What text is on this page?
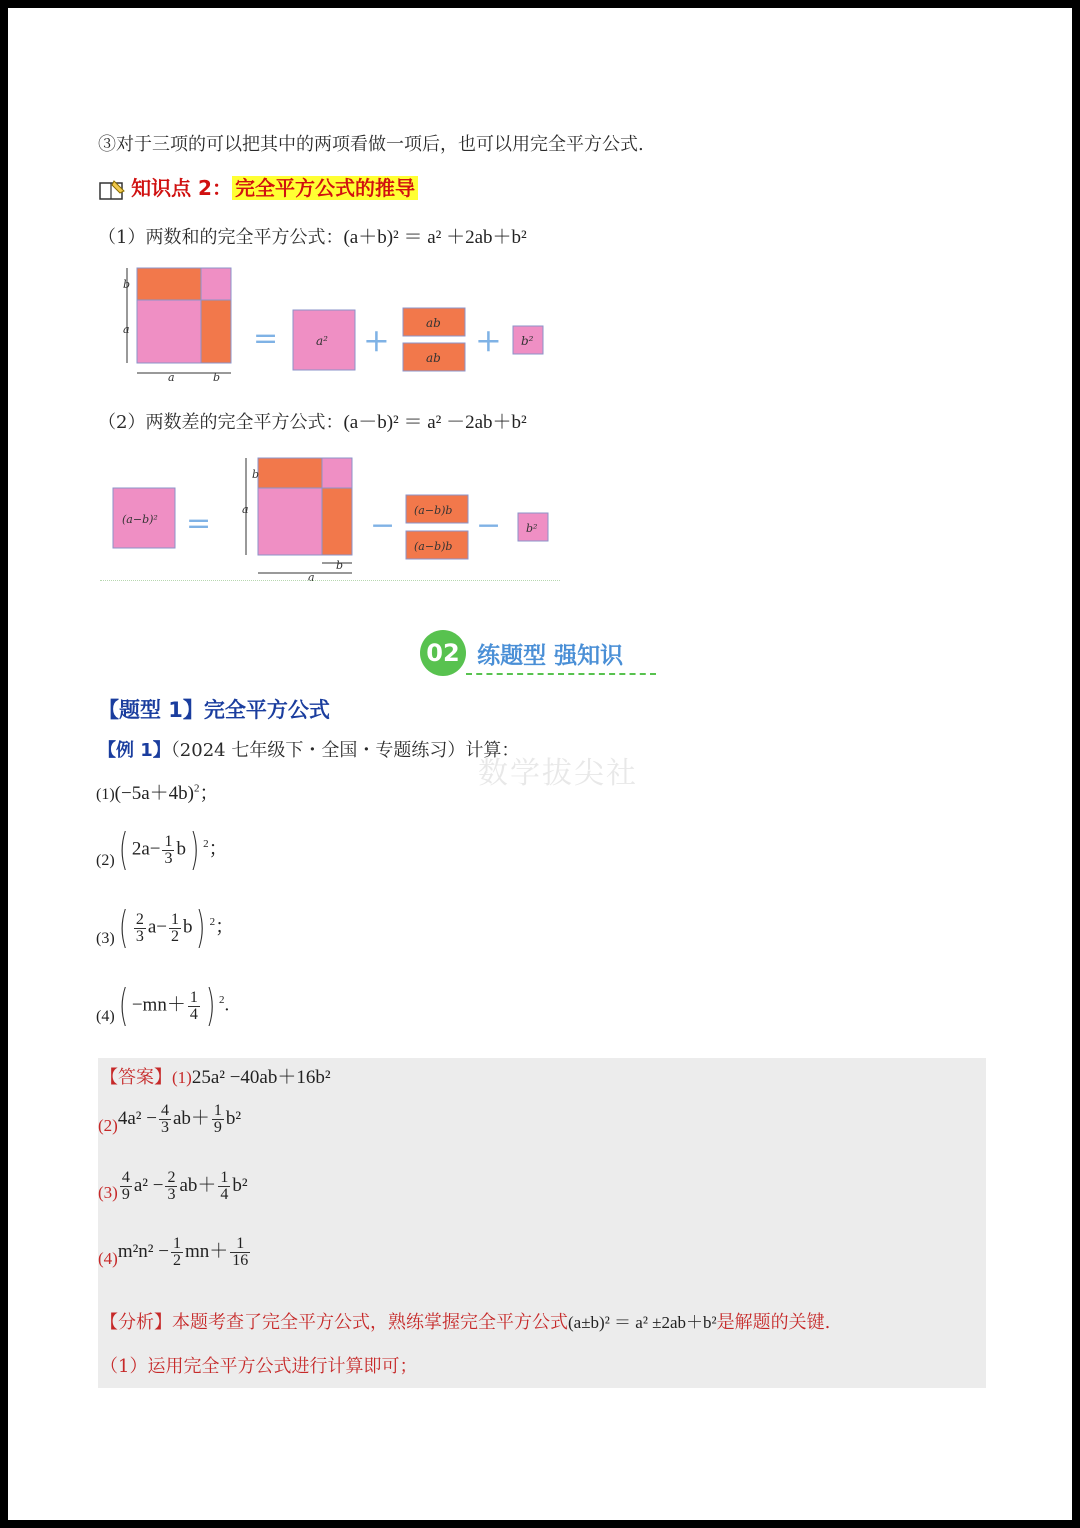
③对于三项的可以把其中的两项看做一项后，也可以用完全平方公式.
知识点 2： 完全平方公式的推导
（1）两数和的完全平方公式：(a＋b)² ＝ a² ＋2ab＋b²
a
b
a	b
=	a² +	ab
ab + b²
（2）两数差的完全平方公式：(a－b)² ＝ a² －2ab＋b²
(a−b)² =	a
b
a
b
− (a−b)b
(a−b)b
− b²
02 练题型 强知识
【题型 1】完全平方公式
【例 1】（2024 七年级下・全国・专题练习）计算：
数学拔尖社
$(1)(-5a+4b)^2$；
(2)( $2a- \frac{1}{3} b$) $^2$；
$(3)( \frac{2}{3} a- \frac{1}{2} b)$ $^2$；
$(4)( -mn+ \frac{1}{4}$ ) $^2$.
【答案】(1)25a² −40ab＋16b²
$(2)4a^2 - \frac{4}{3} ab+ \frac{1}{9} b^2$
$(3) \frac{4}{9} a^2 - \frac{2}{3} ab+ \frac{1}{4} b^2$
$(4)m^2n^2 - \frac{1}{2} mn+ \frac{1}{16}$
【分析】本题考查了完全平方公式，熟练掌握完全平方公式(a±b)² ＝ a² ±2ab＋b²是解题的关键.
（1）运用完全平方公式进行计算即可；
